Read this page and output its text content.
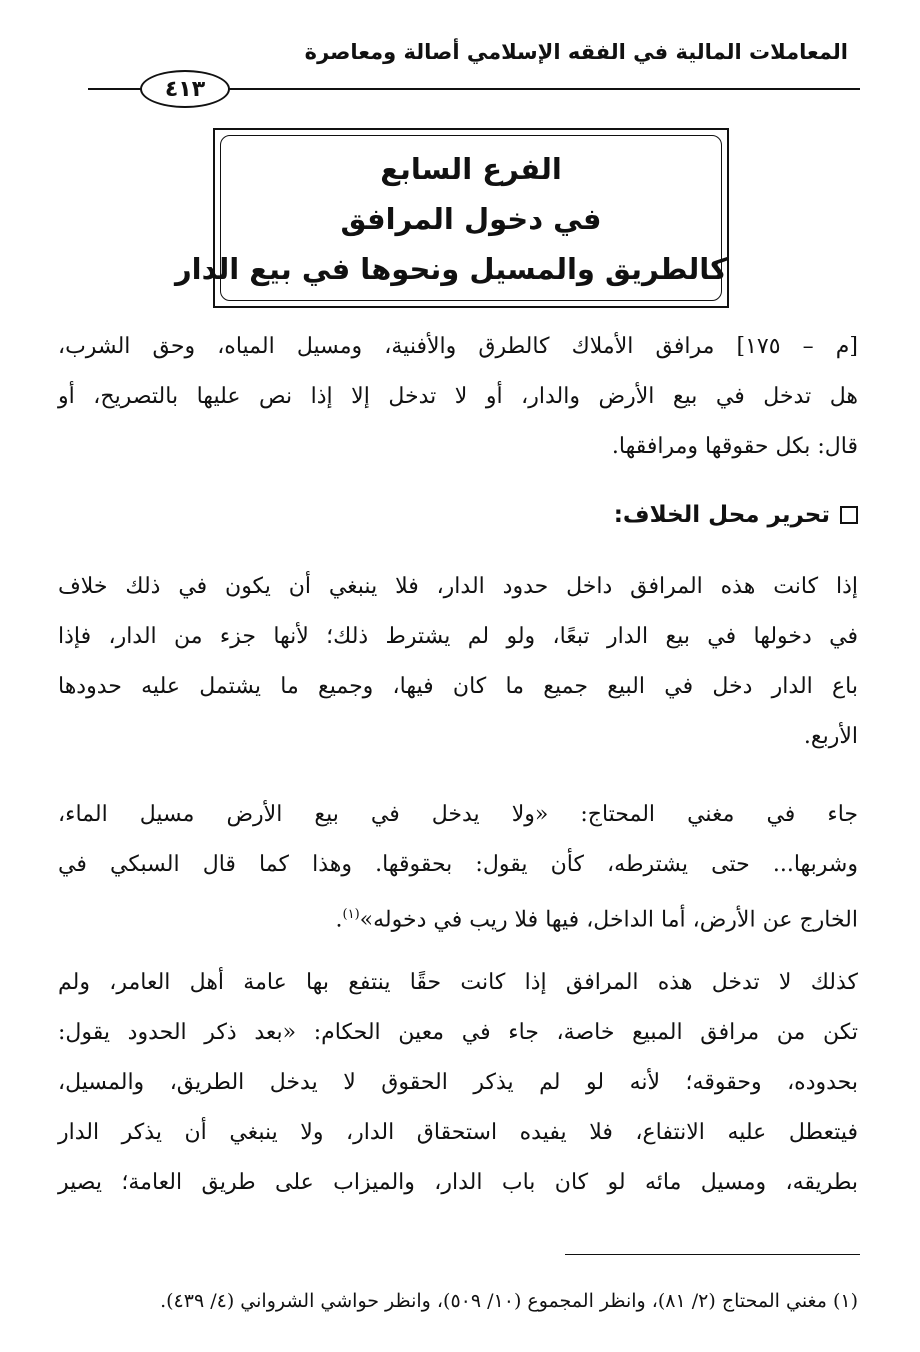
المعاملات المالية في الفقه الإسلامي أصالة ومعاصرة
٤١٣
الفرع السابع
في دخول المرافق
كالطريق والمسيل ونحوها في بيع الدار
[م – ١٧٥] مرافق الأملاك كالطرق والأفنية، ومسيل المياه، وحق الشرب،
هل تدخل في بيع الأرض والدار، أو لا تدخل إلا إذا نص عليها بالتصريح، أو
قال: بكل حقوقها ومرافقها.
تحرير محل الخلاف:
إذا كانت هذه المرافق داخل حدود الدار، فلا ينبغي أن يكون في ذلك خلاف
في دخولها في بيع الدار تبعًا، ولو لم يشترط ذلك؛ لأنها جزء من الدار، فإذا
باع الدار دخل في البيع جميع ما كان فيها، وجميع ما يشتمل عليه حدودها
الأربع.
جاء في مغني المحتاج: «ولا يدخل في بيع الأرض مسيل الماء،
وشربها... حتى يشترطه، كأن يقول: بحقوقها. وهذا كما قال السبكي في
الخارج عن الأرض، أما الداخل، فيها فلا ريب في دخوله»$^{(١)}$.
كذلك لا تدخل هذه المرافق إذا كانت حقًا ينتفع بها عامة أهل العامر، ولم
تكن من مرافق المبيع خاصة، جاء في معين الحكام: «بعد ذكر الحدود يقول:
بحدوده، وحقوقه؛ لأنه لو لم يذكر الحقوق لا يدخل الطريق، والمسيل،
فيتعطل عليه الانتفاع، فلا يفيده استحقاق الدار، ولا ينبغي أن يذكر الدار
بطريقه، ومسيل مائه لو كان باب الدار، والميزاب على طريق العامة؛ يصير
(١) مغني المحتاج (٢/ ٨١)، وانظر المجموع (١٠/ ٥٠٩)، وانظر حواشي الشرواني (٤/ ٤٣٩).
